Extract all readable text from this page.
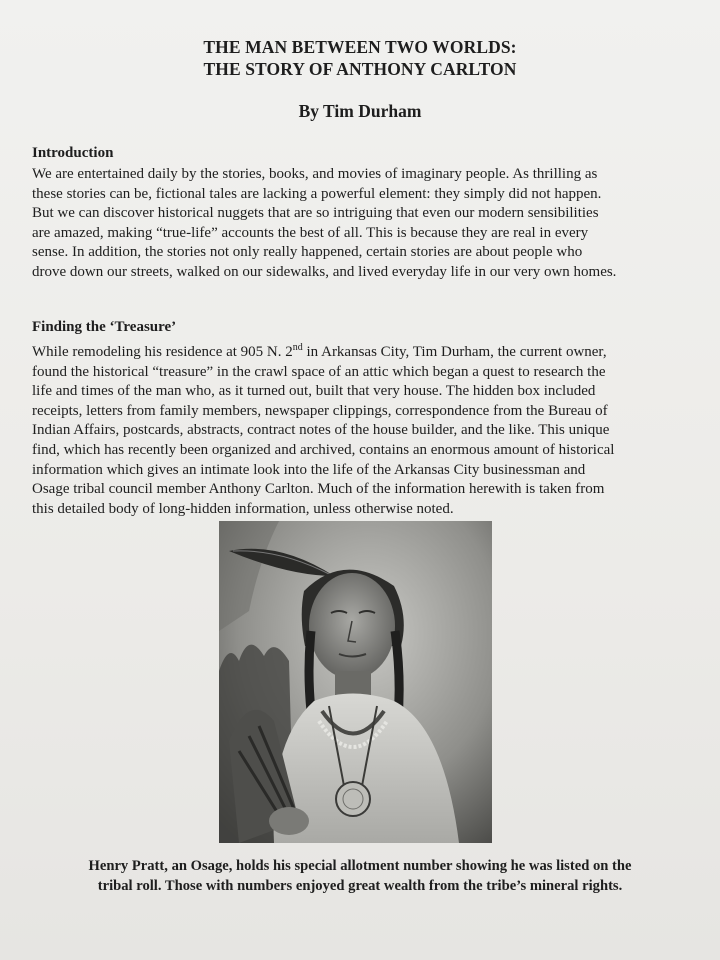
THE MAN BETWEEN TWO WORLDS:
THE STORY OF ANTHONY CARLTON
By Tim Durham
Introduction
We are entertained daily by the stories, books, and movies of imaginary people. As thrilling as
these stories can be, fictional tales are lacking a powerful element: they simply did not happen.
But we can discover historical nuggets that are so intriguing that even our modern sensibilities
are amazed, making “true-life” accounts the best of all. This is because they are real in every
sense. In addition, the stories not only really happened, certain stories are about people who
drove down our streets, walked on our sidewalks, and lived everyday life in our very own homes.
Finding the ‘Treasure’
While remodeling his residence at 905 N. 2nd in Arkansas City, Tim Durham, the current owner,
found the historical “treasure” in the crawl space of an attic which began a quest to research the
life and times of the man who, as it turned out, built that very house. The hidden box included
receipts, letters from family members, newspaper clippings, correspondence from the Bureau of
Indian Affairs, postcards, abstracts, contract notes of the house builder, and the like. This unique
find, which has recently been organized and archived, contains an enormous amount of historical
information which gives an intimate look into the life of the Arkansas City businessman and
Osage tribal council member Anthony Carlton. Much of the information herewith is taken from
this detailed body of long-hidden information, unless otherwise noted.
Henry Pratt, an Osage, holds his special allotment number showing he was listed on the
tribal roll. Those with numbers enjoyed great wealth from the tribe’s mineral rights.
